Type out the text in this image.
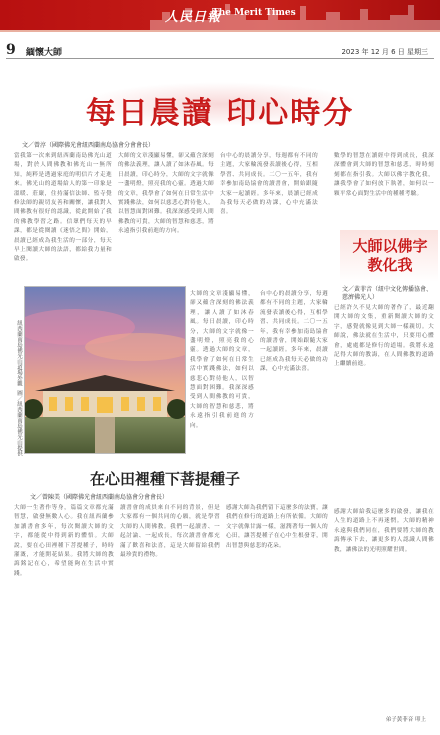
人民日報
The Merit Times
9 緬懷大師	2023 年 12 月 6 日 星期三
每日晨讀 印心時分
文／曾淳（國際佛光會紐西蘭南島協會分會會長）
當我第一次來到紐西蘭南島佛光山道場，對於人間佛教和佛光山一無所知，純粹是透過家庭的明信片才走進來。佛光山的道場給人的第一印象是溫暖、莊嚴，住持滿信法師、監寺覺修法師的親切友善和關懷，讓我對人間佛教有很好的認識，從此開始了我的佛教學習之路。信眾們每天的早課，都是從閱讀《迷悟之間》開始，晨讀已經成為我生活的一部分，每天早上閱讀大師的法語，都給我力量和啟發。
大師的文章淺顯易懂，卻又蘊含深刻的佛法義理，讓人讀了如沐春風。每日晨讀，印心時分，大師的文字就像一盞明燈，照亮我的心靈。透過大師的文章，我學會了如何在日常生活中實踐佛法，如何以慈悲心對待他人，以智慧面對困難。我深深感受到人間佛教的可貴，大師的智慧和慈悲，將永遠指引我前進的方向。
台中心的晨讀分享，每週都有不同的主題，大家輪流發表讀後心得，互相學習、共同成長。二〇一五年，我有幸參加南島協會的讀書會，開始跟隨大家一起讀經。多年來，晨讀已經成為我每天必做的功課，心中充滿法喜。
紐西蘭南島佛光山道場外觀
圖／紐西蘭南島佛光山提供
大師的文章淺顯易懂，卻又蘊含深刻的佛法義理，讓人讀了如沐春風。每日晨讀，印心時分，大師的文字就像一盞明燈，照亮我的心靈。透過大師的文章，我學會了如何在日常生活中實踐佛法，如何以慈悲心對待他人，以智慧面對困難。我深深感受到人間佛教的可貴，大師的智慧和慈悲，將永遠指引我前進的方向。
台中心的晨讀分享，每週都有不同的主題，大家輪流發表讀後心得，互相學習、共同成長。二〇一五年，我有幸參加南島協會的讀書會，開始跟隨大家一起讀經。多年來，晨讀已經成為我每天必做的功課，心中充滿法喜。
在心田裡種下菩提種子
文／曾陳美（國際佛光會紐西蘭南島協會分會會長）
大師一生著作等身，篇篇文章都充滿智慧，啟發無數人心。我在紐西蘭參加讀書會多年，每次閱讀大師的文字，都能從中得到新的體悟。大師說，要在心田裡種下菩提種子，時時灌溉，才能開花結果。我將大師的教誨銘記在心，希望能夠在生活中實踐。
讀書會的成員來自不同的背景，但是大家都有一個共同的心願，就是學習大師的人間佛教。我們一起讀書、一起討論、一起成長，每次讀書會都充滿了歡喜和法喜，這是大師留給我們最珍貴的禮物。
感謝大師為我們留下這麼多的法寶，讓我們在修行的道路上有所依循。大師的文字就像甘露一樣，滋潤著每一個人的心田，讓菩提種子在心中生根發芽，開出智慧與慈悲的花朵。
數學的智慧在讀經中得到成長，我深深體會到大師的智慧和慈悲，時時刻刻都在指引我。大師以佛字教化我，讓我學會了如何放下執著，如何以一顆平常心面對生活中的種種考驗。
大師以佛字教化我
文／黃菲音（紐中文化傳播協會、慈濟佛光人）
已經許久不見大師的著作了，最近翻開大師的文集，重新閱讀大師的文字，感覺就像見到大師一樣親切。大師說，佛法就在生活中，只要用心體會，處處都是修行的道場。我將永遠記得大師的教誨，在人間佛教的道路上繼續前進。
感謝大師給我這麼多的啟發，讓我在人生的道路上不再迷惘。大師的精神永遠與我們同在，我們要將大師的教誨傳承下去，讓更多的人認識人間佛教，讓佛法的光明照耀世間。
弟子黃菲音 叩上
